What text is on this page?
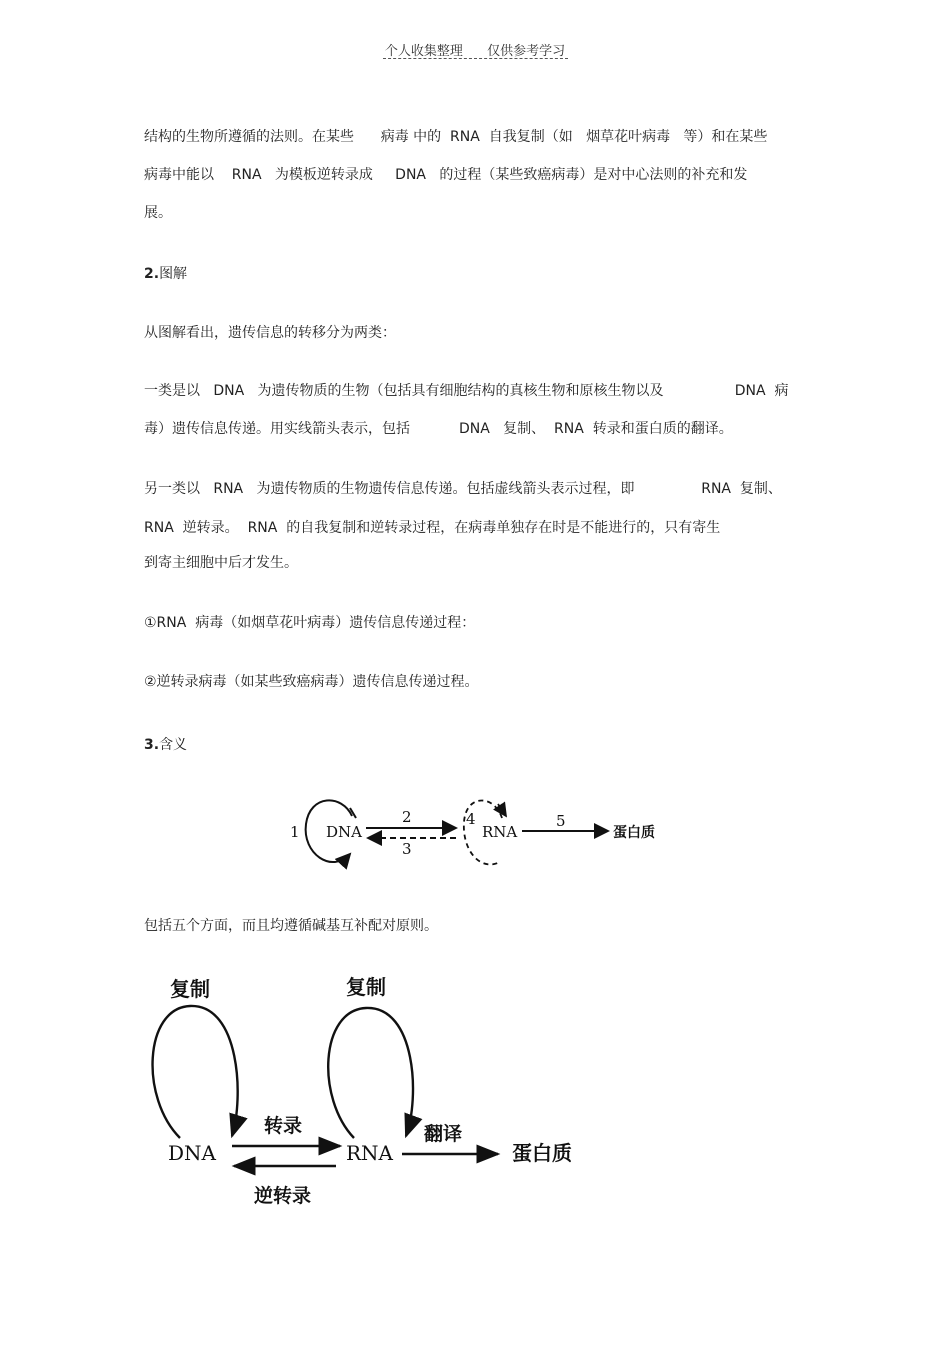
个人收集整理 仅供参考学习
结构的生物所遵循的法则。在某些      病毒 中的  RNA  自我复制（如   烟草花叶病毒   等）和在某些
病毒中能以    RNA   为模板逆转录成     DNA   的过程（某些致癌病毒）是对中心法则的补充和发
展。
2.图解
从图解看出，遗传信息的转移分为两类：
一类是以   DNA   为遗传物质的生物（包括具有细胞结构的真核生物和原核生物以及                DNA  病
毒）遗传信息传递。用实线箭头表示，包括           DNA   复制、  RNA  转录和蛋白质的翻译。
另一类以   RNA   为遗传物质的生物遗传信息传递。包括虚线箭头表示过程，即               RNA  复制、
RNA  逆转录。  RNA  的自我复制和逆转录过程，在病毒单独存在时是不能进行的，只有寄生
到寄主细胞中后才发生。
①RNA  病毒（如烟草花叶病毒）遗传信息传递过程：
②逆转录病毒（如某些致癌病毒）遗传信息传递过程。
3.含义
1 DNA
2
3
4
RNA
5
蛋白质
包括五个方面，而且均遵循碱基互补配对原则。
复制
DNA
转录
逆转录
复制
RNA
翻译
蛋白质
